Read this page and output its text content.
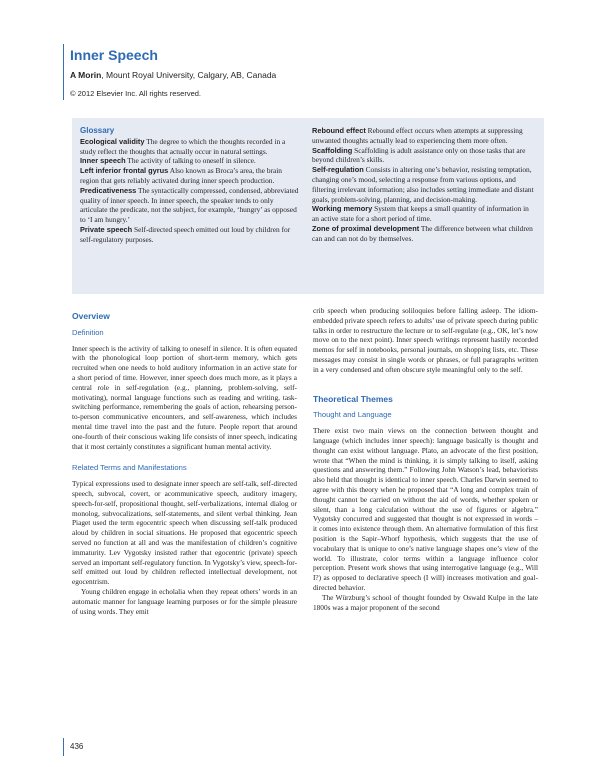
Inner Speech
A Morin, Mount Royal University, Calgary, AB, Canada
© 2012 Elsevier Inc. All rights reserved.
Glossary
Ecological validity The degree to which the thoughts recorded in a study reflect the thoughts that actually occur in natural settings.
Inner speech The activity of talking to oneself in silence.
Left inferior frontal gyrus Also known as Broca’s area, the brain region that gets reliably activated during inner speech production.
Predicativeness The syntactically compressed, condensed, abbreviated quality of inner speech. In inner speech, the speaker tends to only articulate the predicate, not the subject, for example, ‘hungry’ as opposed to ‘I am hungry.’
Private speech Self-directed speech emitted out loud by children for self-regulatory purposes.
Rebound effect Rebound effect occurs when attempts at suppressing unwanted thoughts actually lead to experiencing them more often.
Scaffolding Scaffolding is adult assistance only on those tasks that are beyond children’s skills.
Self-regulation Consists in altering one’s behavior, resisting temptation, changing one’s mood, selecting a response from various options, and filtering irrelevant information; also includes setting immediate and distant goals, problem-solving, planning, and decision-making.
Working memory System that keeps a small quantity of information in an active state for a short period of time.
Zone of proximal development The difference between what children can and can not do by themselves.
Overview
Definition
Inner speech is the activity of talking to oneself in silence. It is often equated with the phonological loop portion of short-term memory, which gets recruited when one needs to hold auditory information in an active state for a short period of time. However, inner speech does much more, as it plays a central role in self-regulation (e.g., planning, problem-solving, self-motivating), normal language functions such as reading and writing, task-switching performance, remembering the goals of action, rehearsing person-to-person communicative encounters, and self-awareness, which includes mental time travel into the past and the future. People report that around one-fourth of their conscious waking life consists of inner speech, indicating that it most certainly constitutes a significant human mental activity.
Related Terms and Manifestations
Typical expressions used to designate inner speech are self-talk, self-directed speech, subvocal, covert, or acommunicative speech, auditory imagery, speech-for-self, propositional thought, self-verbalizations, internal dialog or monolog, subvocalizations, self-statements, and silent verbal thinking. Jean Piaget used the term egocentric speech when discussing self-talk produced aloud by children in social situations. He proposed that egocentric speech served no function at all and was the manifestation of children’s cognitive immaturity. Lev Vygotsky insisted rather that egocentric (private) speech served an important self-regulatory function. In Vygotsky’s view, speech-for-self emitted out loud by children reflected intellectual development, not egocentrism.
Young children engage in echolalia when they repeat others’ words in an automatic manner for language learning purposes or for the simple pleasure of using words. They emit
crib speech when producing soliloquies before falling asleep. The idiom-embedded private speech refers to adults’ use of private speech during public talks in order to restructure the lecture or to self-regulate (e.g., OK, let’s now move on to the next point). Inner speech writings represent hastily recorded memos for self in notebooks, personal journals, on shopping lists, etc. These messages may consist in single words or phrases, or full paragraphs written in a very condensed and often obscure style meaningful only to the self.
Theoretical Themes
Thought and Language
There exist two main views on the connection between thought and language (which includes inner speech): language basically is thought and thought can exist without language. Plato, an advocate of the first position, wrote that “When the mind is thinking, it is simply talking to itself, asking questions and answering them.” Following John Watson’s lead, behaviorists also held that thought is identical to inner speech. Charles Darwin seemed to agree with this theory when he proposed that “A long and complex train of thought cannot be carried on without the aid of words, whether spoken or silent, than a long calculation without the use of figures or algebra.” Vygotsky concurred and suggested that thought is not expressed in words – it comes into existence through them. An alternative formulation of this first position is the Sapir–Whorf hypothesis, which suggests that the use of vocabulary that is unique to one’s native language shapes one’s view of the world. To illustrate, color terms within a language influence color perception. Present work shows that using interrogative language (e.g., Will I?) as opposed to declarative speech (I will) increases motivation and goal-directed behavior.
The Würzburg’s school of thought founded by Oswald Kulpe in the late 1800s was a major proponent of the second
436
